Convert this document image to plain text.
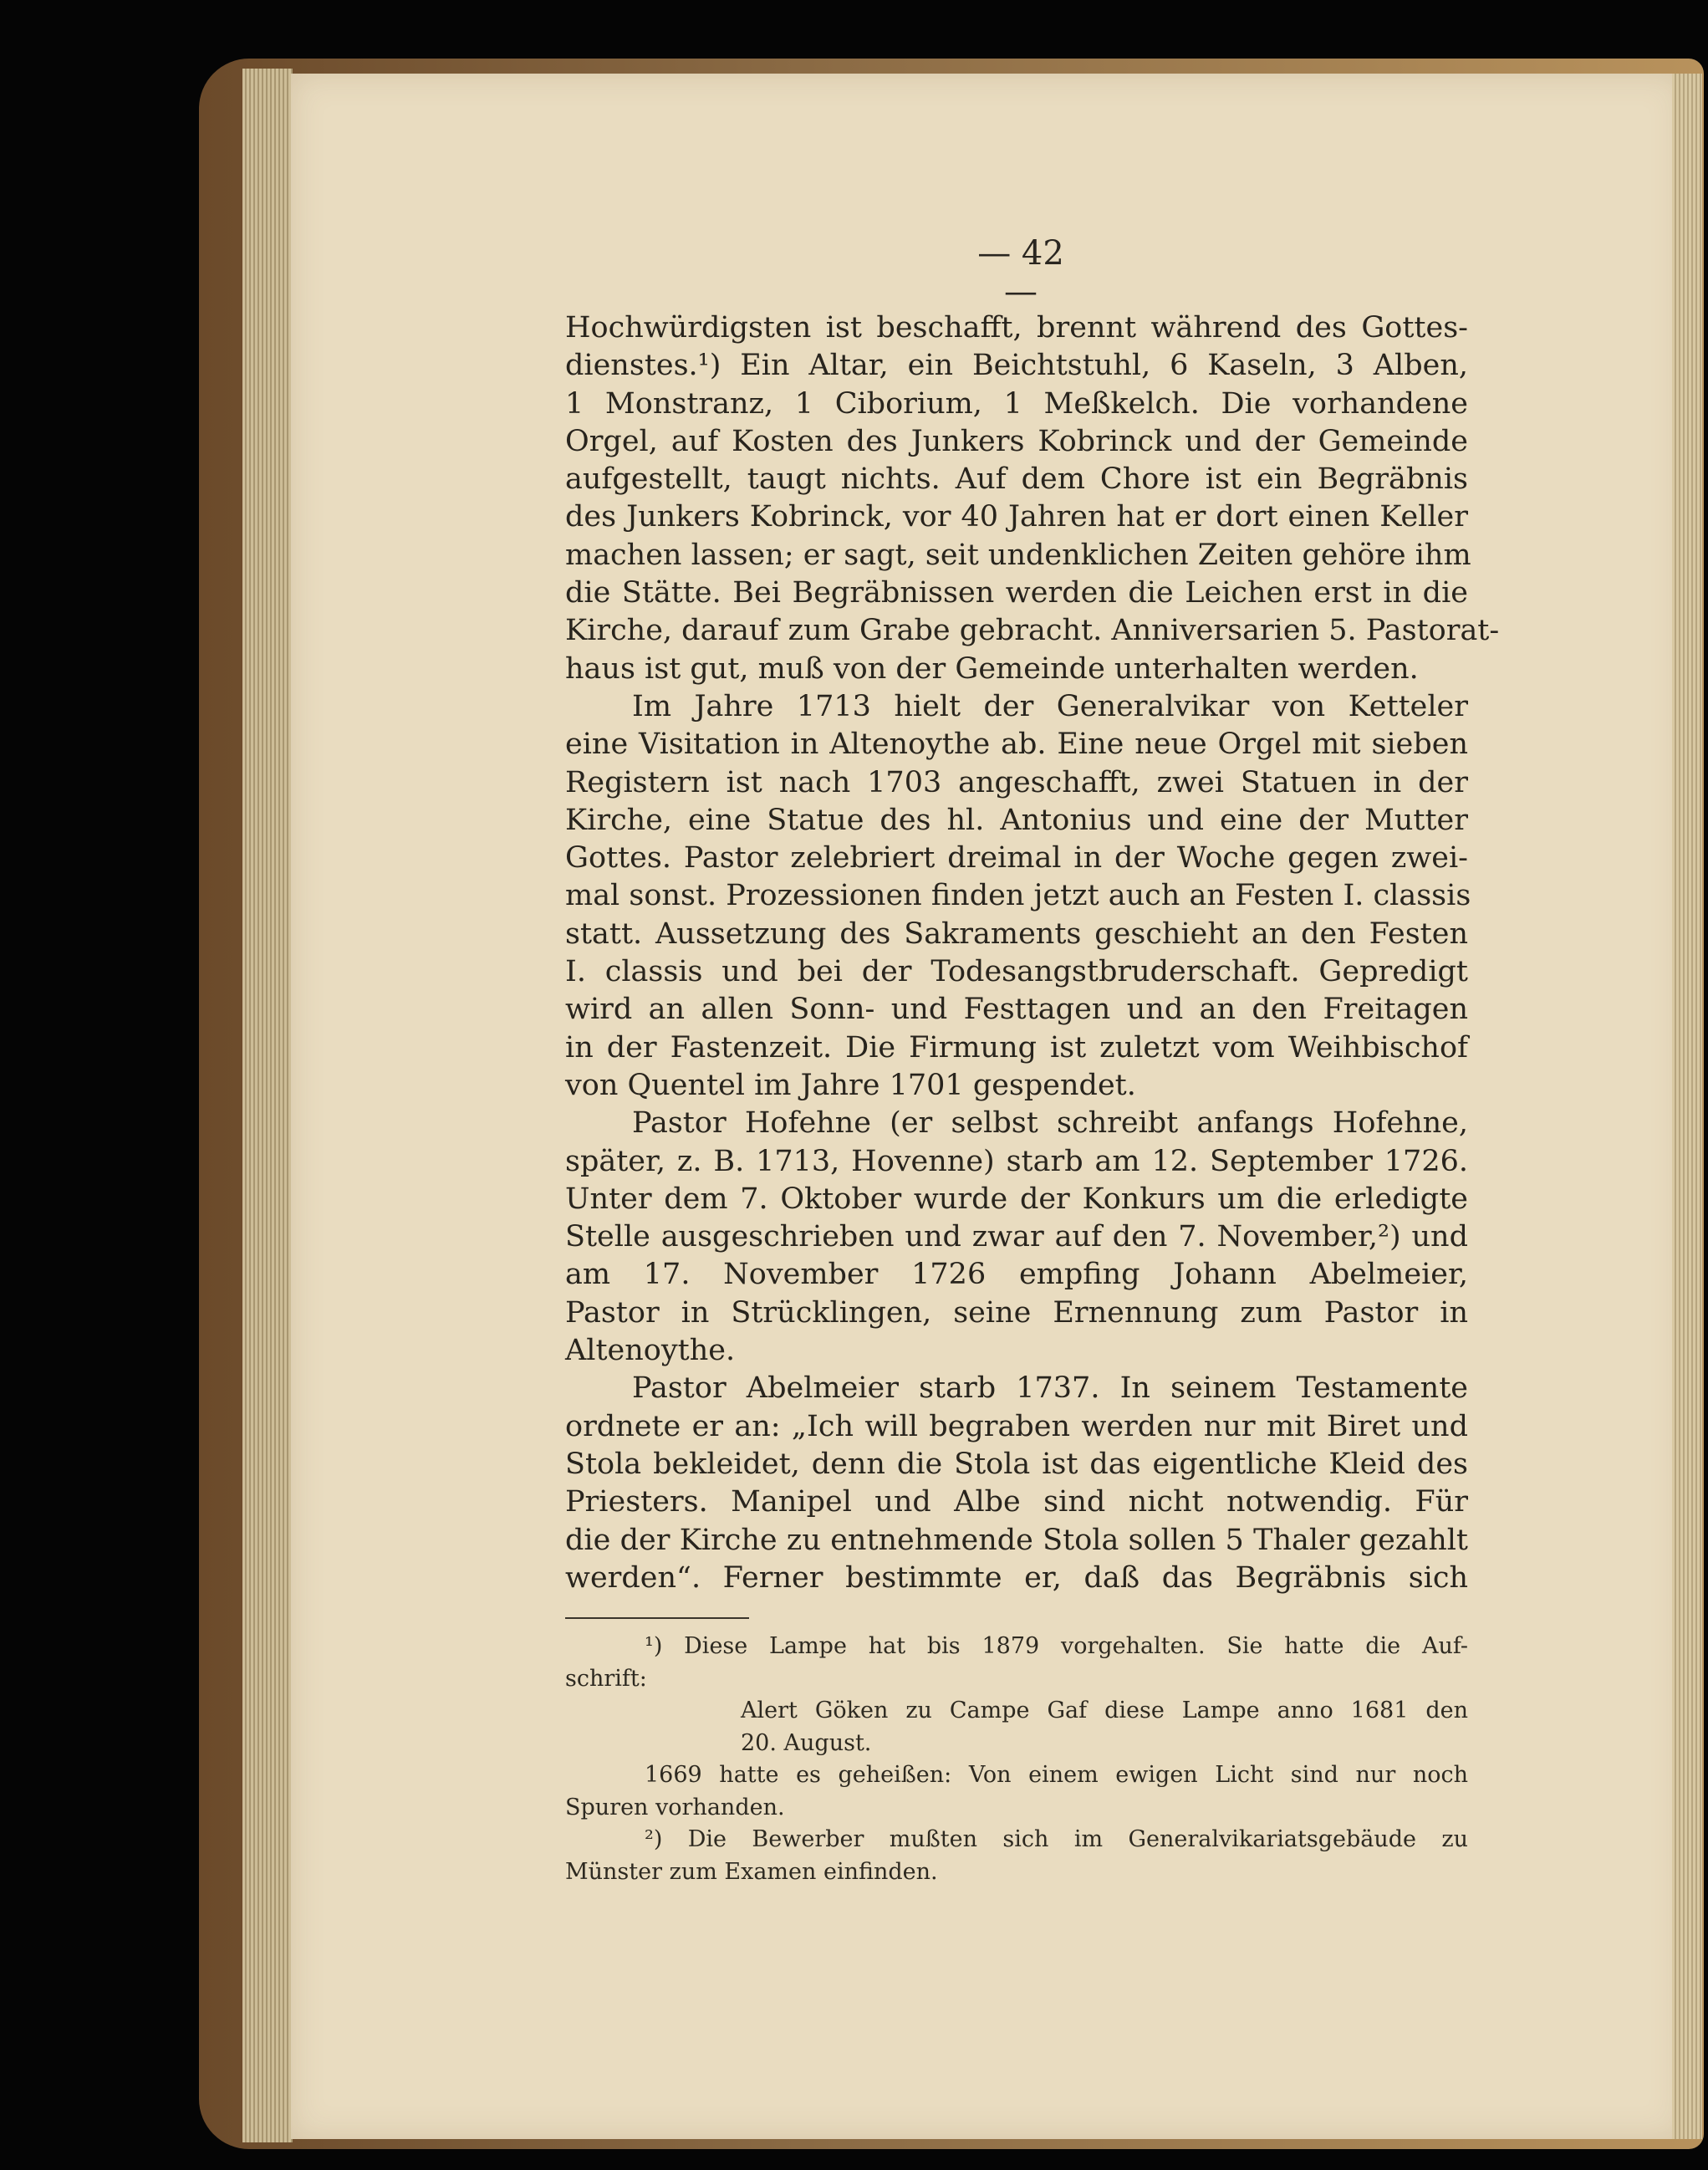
— 42 —
Hochwürdigsten ist beschafft, brennt während des Gottes-
dienstes.¹) Ein Altar, ein Beichtstuhl, 6 Kaseln, 3 Alben,
1 Monstranz, 1 Ciborium, 1 Meßkelch. Die vorhandene
Orgel, auf Kosten des Junkers Kobrinck und der Gemeinde
aufgestellt, taugt nichts. Auf dem Chore ist ein Begräbnis
des Junkers Kobrinck, vor 40 Jahren hat er dort einen Keller
machen lassen; er sagt, seit undenklichen Zeiten gehöre ihm
die Stätte. Bei Begräbnissen werden die Leichen erst in die
Kirche, darauf zum Grabe gebracht. Anniversarien 5. Pastorat-
haus ist gut, muß von der Gemeinde unterhalten werden.
Im Jahre 1713 hielt der Generalvikar von Ketteler
eine Visitation in Altenoythe ab. Eine neue Orgel mit sieben
Registern ist nach 1703 angeschafft, zwei Statuen in der
Kirche, eine Statue des hl. Antonius und eine der Mutter
Gottes. Pastor zelebriert dreimal in der Woche gegen zwei-
mal sonst. Prozessionen finden jetzt auch an Festen I. classis
statt. Aussetzung des Sakraments geschieht an den Festen
I. classis und bei der Todesangstbruderschaft. Gepredigt
wird an allen Sonn- und Festtagen und an den Freitagen
in der Fastenzeit. Die Firmung ist zuletzt vom Weihbischof
von Quentel im Jahre 1701 gespendet.
Pastor Hofehne (er selbst schreibt anfangs Hofehne,
später, z. B. 1713, Hovenne) starb am 12. September 1726.
Unter dem 7. Oktober wurde der Konkurs um die erledigte
Stelle ausgeschrieben und zwar auf den 7. November,²) und
am 17. November 1726 empfing Johann Abelmeier,
Pastor in Strücklingen, seine Ernennung zum Pastor in
Altenoythe.
Pastor Abelmeier starb 1737. In seinem Testamente
ordnete er an: „Ich will begraben werden nur mit Biret und
Stola bekleidet, denn die Stola ist das eigentliche Kleid des
Priesters. Manipel und Albe sind nicht notwendig. Für
die der Kirche zu entnehmende Stola sollen 5 Thaler gezahlt
werden“. Ferner bestimmte er, daß das Begräbnis sich
¹) Diese Lampe hat bis 1879 vorgehalten. Sie hatte die Auf-
schrift:
Alert Göken zu Campe Gaf diese Lampe anno 1681 den
20. August.
1669 hatte es geheißen: Von einem ewigen Licht sind nur noch
Spuren vorhanden.
²) Die Bewerber mußten sich im Generalvikariatsgebäude zu
Münster zum Examen einfinden.
